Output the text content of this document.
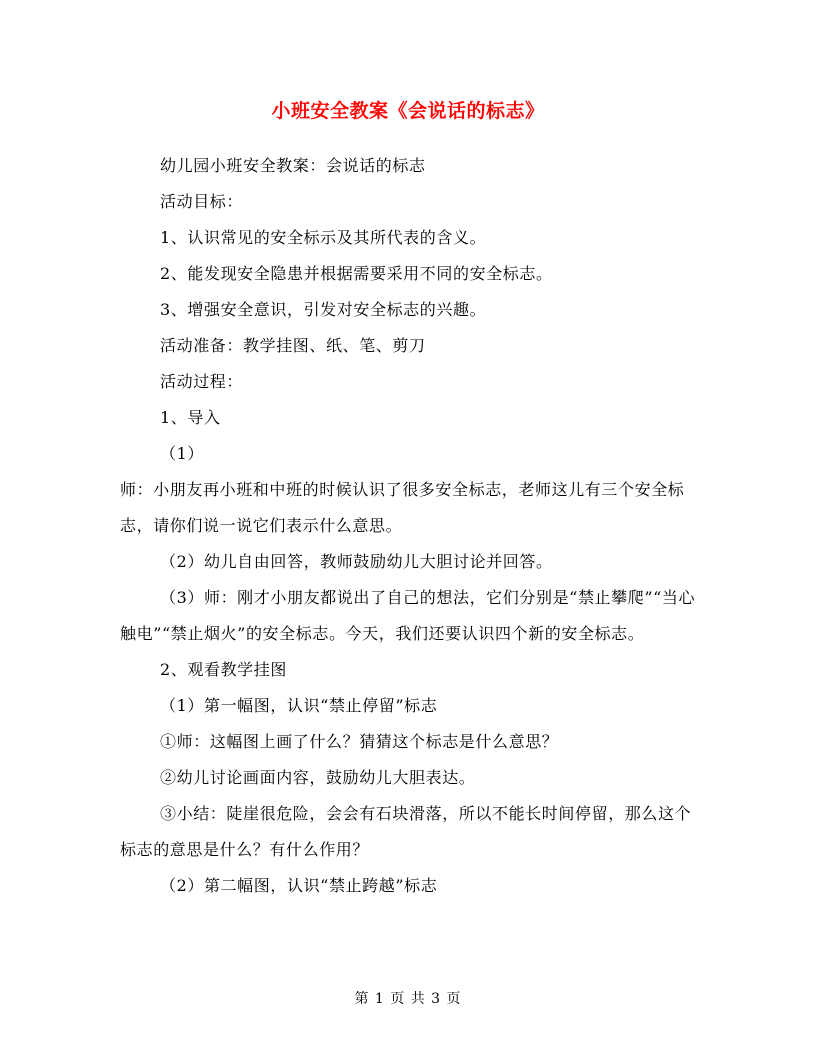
小班安全教案《会说话的标志》

幼儿园小班安全教案：会说话的标志

活动目标：

1、认识常见的安全标示及其所代表的含义。

2、能发现安全隐患并根据需要采用不同的安全标志。

3、增强安全意识，引发对安全标志的兴趣。

活动准备：教学挂图、纸、笔、剪刀

活动过程：

1、导入

（1）

师：小朋友再小班和中班的时候认识了很多安全标志，老师这儿有三个安全标志，请你们说一说它们表示什么意思。

（2）幼儿自由回答，教师鼓励幼儿大胆讨论并回答。

（3）师：刚才小朋友都说出了自己的想法，它们分别是“禁止攀爬”“当心触电”“禁止烟火”的安全标志。今天，我们还要认识四个新的安全标志。

2、观看教学挂图

（1）第一幅图，认识“禁止停留”标志

①师：这幅图上画了什么？猜猜这个标志是什么意思？

②幼儿讨论画面内容，鼓励幼儿大胆表达。

③小结：陡崖很危险，会会有石块滑落，所以不能长时间停留，那么这个标志的意思是什么？有什么作用？

（2）第二幅图，认识“禁止跨越”标志

第 1 页 共 3 页
